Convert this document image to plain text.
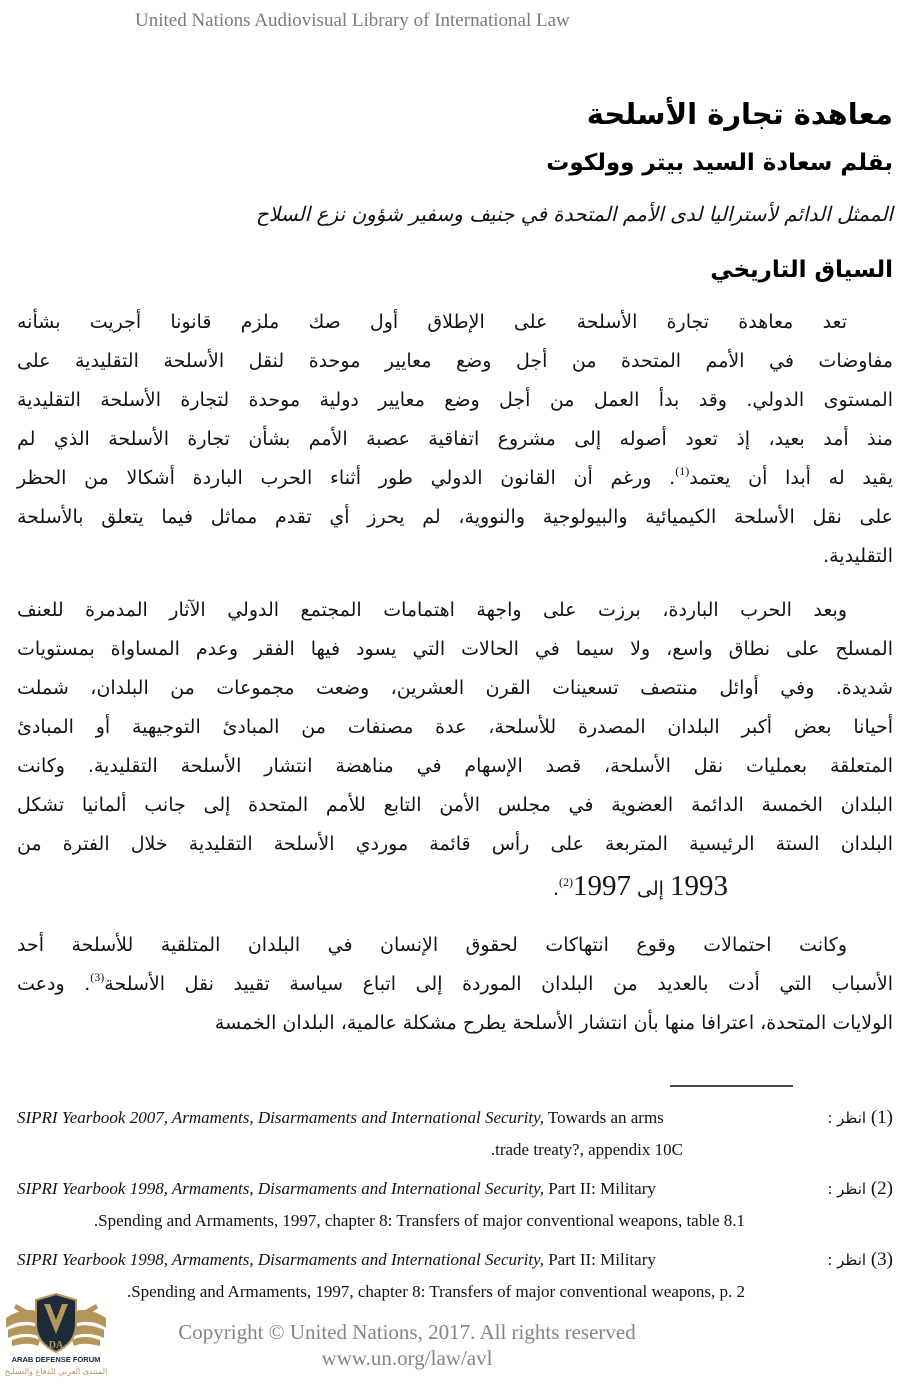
United Nations Audiovisual Library of International Law
معاهدة تجارة الأسلحة
بقلم سعادة السيد بيتر وولكوت
الممثل الدائم لأستراليا لدى الأمم المتحدة في جنيف وسفير شؤون نزع السلاح
السياق التاريخي
تعد معاهدة تجارة الأسلحة على الإطلاق أول صك ملزم قانونا أجريت بشأنه
مفاوضات في الأمم المتحدة من أجل وضع معايير موحدة لنقل الأسلحة التقليدية على
المستوى الدولي. وقد بدأ العمل من أجل وضع معايير دولية موحدة لتجارة الأسلحة التقليدية
منذ أمد بعيد، إذ تعود أصوله إلى مشروع اتفاقية عصبة الأمم بشأن تجارة الأسلحة الذي لم
يقيد له أبدا أن يعتمد$^{(1)}$. ورغم أن القانون الدولي طور أثناء الحرب الباردة أشكالا من الحظر
على نقل الأسلحة الكيميائية والبيولوجية والنووية، لم يحرز أي تقدم مماثل فيما يتعلق بالأسلحة
التقليدية.
وبعد الحرب الباردة، برزت على واجهة اهتمامات المجتمع الدولي الآثار المدمرة للعنف
المسلح على نطاق واسع، ولا سيما في الحالات التي يسود فيها الفقر وعدم المساواة بمستويات
شديدة. وفي أوائل منتصف تسعينات القرن العشرين، وضعت مجموعات من البلدان، شملت
أحيانا بعض أكبر البلدان المصدرة للأسلحة، عدة مصنفات من المبادئ التوجيهية أو المبادئ
المتعلقة بعمليات نقل الأسلحة، قصد الإسهام في مناهضة انتشار الأسلحة التقليدية. وكانت
البلدان الخمسة الدائمة العضوية في مجلس الأمن التابع للأمم المتحدة إلى جانب ألمانيا تشكل
البلدان الستة الرئيسية المتربعة على رأس قائمة موردي الأسلحة التقليدية خلال الفترة من
1993 إلى 1997$^{(2)}$.
وكانت احتمالات وقوع انتهاكات لحقوق الإنسان في البلدان المتلقية للأسلحة أحد
الأسباب التي أدت بالعديد من البلدان الموردة إلى اتباع سياسة تقييد نقل الأسلحة$^{(3)}$. ودعت
الولايات المتحدة، اعترافا منها بأن انتشار الأسلحة يطرح مشكلة عالمية، البلدان الخمسة
(1) انظر :
SIPRI Yearbook 2007, Armaments, Disarmaments and International Security, Towards an arms
.trade treaty?, appendix 10C
(2) انظر :
SIPRI Yearbook 1998, Armaments, Disarmaments and International Security, Part II: Military
.Spending and Armaments, 1997, chapter 8: Transfers of major conventional weapons, table 8.1
(3) انظر :
SIPRI Yearbook 1998, Armaments, Disarmaments and International Security, Part II: Military
.Spending and Armaments, 1997, chapter 8: Transfers of major conventional weapons, p. 2
Copyright © United Nations, 2017. All rights reserved
www.un.org/law/avl
DA
ARAB DEFENSE FORUM
المنتدى العربي للدفاع والتسليح
